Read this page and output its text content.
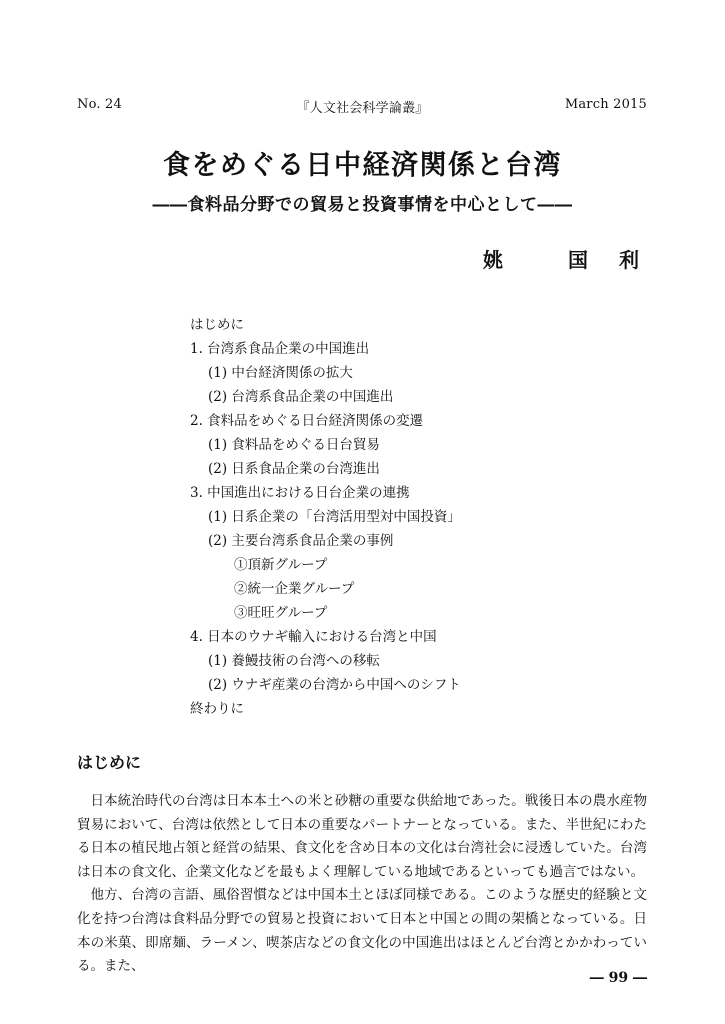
No. 24	『人文社会科学論叢』	March 2015
食をめぐる日中経済関係と台湾
――食料品分野での貿易と投資事情を中心として――
姚	国 利
はじめに
1. 台湾系食品企業の中国進出
(1) 中台経済関係の拡大
(2) 台湾系食品企業の中国進出
2. 食料品をめぐる日台経済関係の変遷
(1) 食料品をめぐる日台貿易
(2) 日系食品企業の台湾進出
3. 中国進出における日台企業の連携
(1) 日系企業の「台湾活用型対中国投資」
(2) 主要台湾系食品企業の事例
①頂新グループ
②統一企業グループ
③旺旺グループ
4. 日本のウナギ輸入における台湾と中国
(1) 養鰻技術の台湾への移転
(2) ウナギ産業の台湾から中国へのシフト
終わりに
はじめに

日本統治時代の台湾は日本本土への米と砂糖の重要な供給地であった。戦後日本の農水産物貿易において、台湾は依然として日本の重要なパートナーとなっている。また、半世紀にわたる日本の植民地占領と経営の結果、食文化を含め日本の文化は台湾社会に浸透していた。台湾は日本の食文化、企業文化などを最もよく理解している地域であるといっても過言ではない。

他方、台湾の言語、風俗習慣などは中国本土とほぼ同様である。このような歴史的経験と文化を持つ台湾は食料品分野での貿易と投資において日本と中国との間の架橋となっている。日本の米菓、即席麺、ラーメン、喫茶店などの食文化の中国進出はほとんど台湾とかかわっている。また、

― 99 ―
